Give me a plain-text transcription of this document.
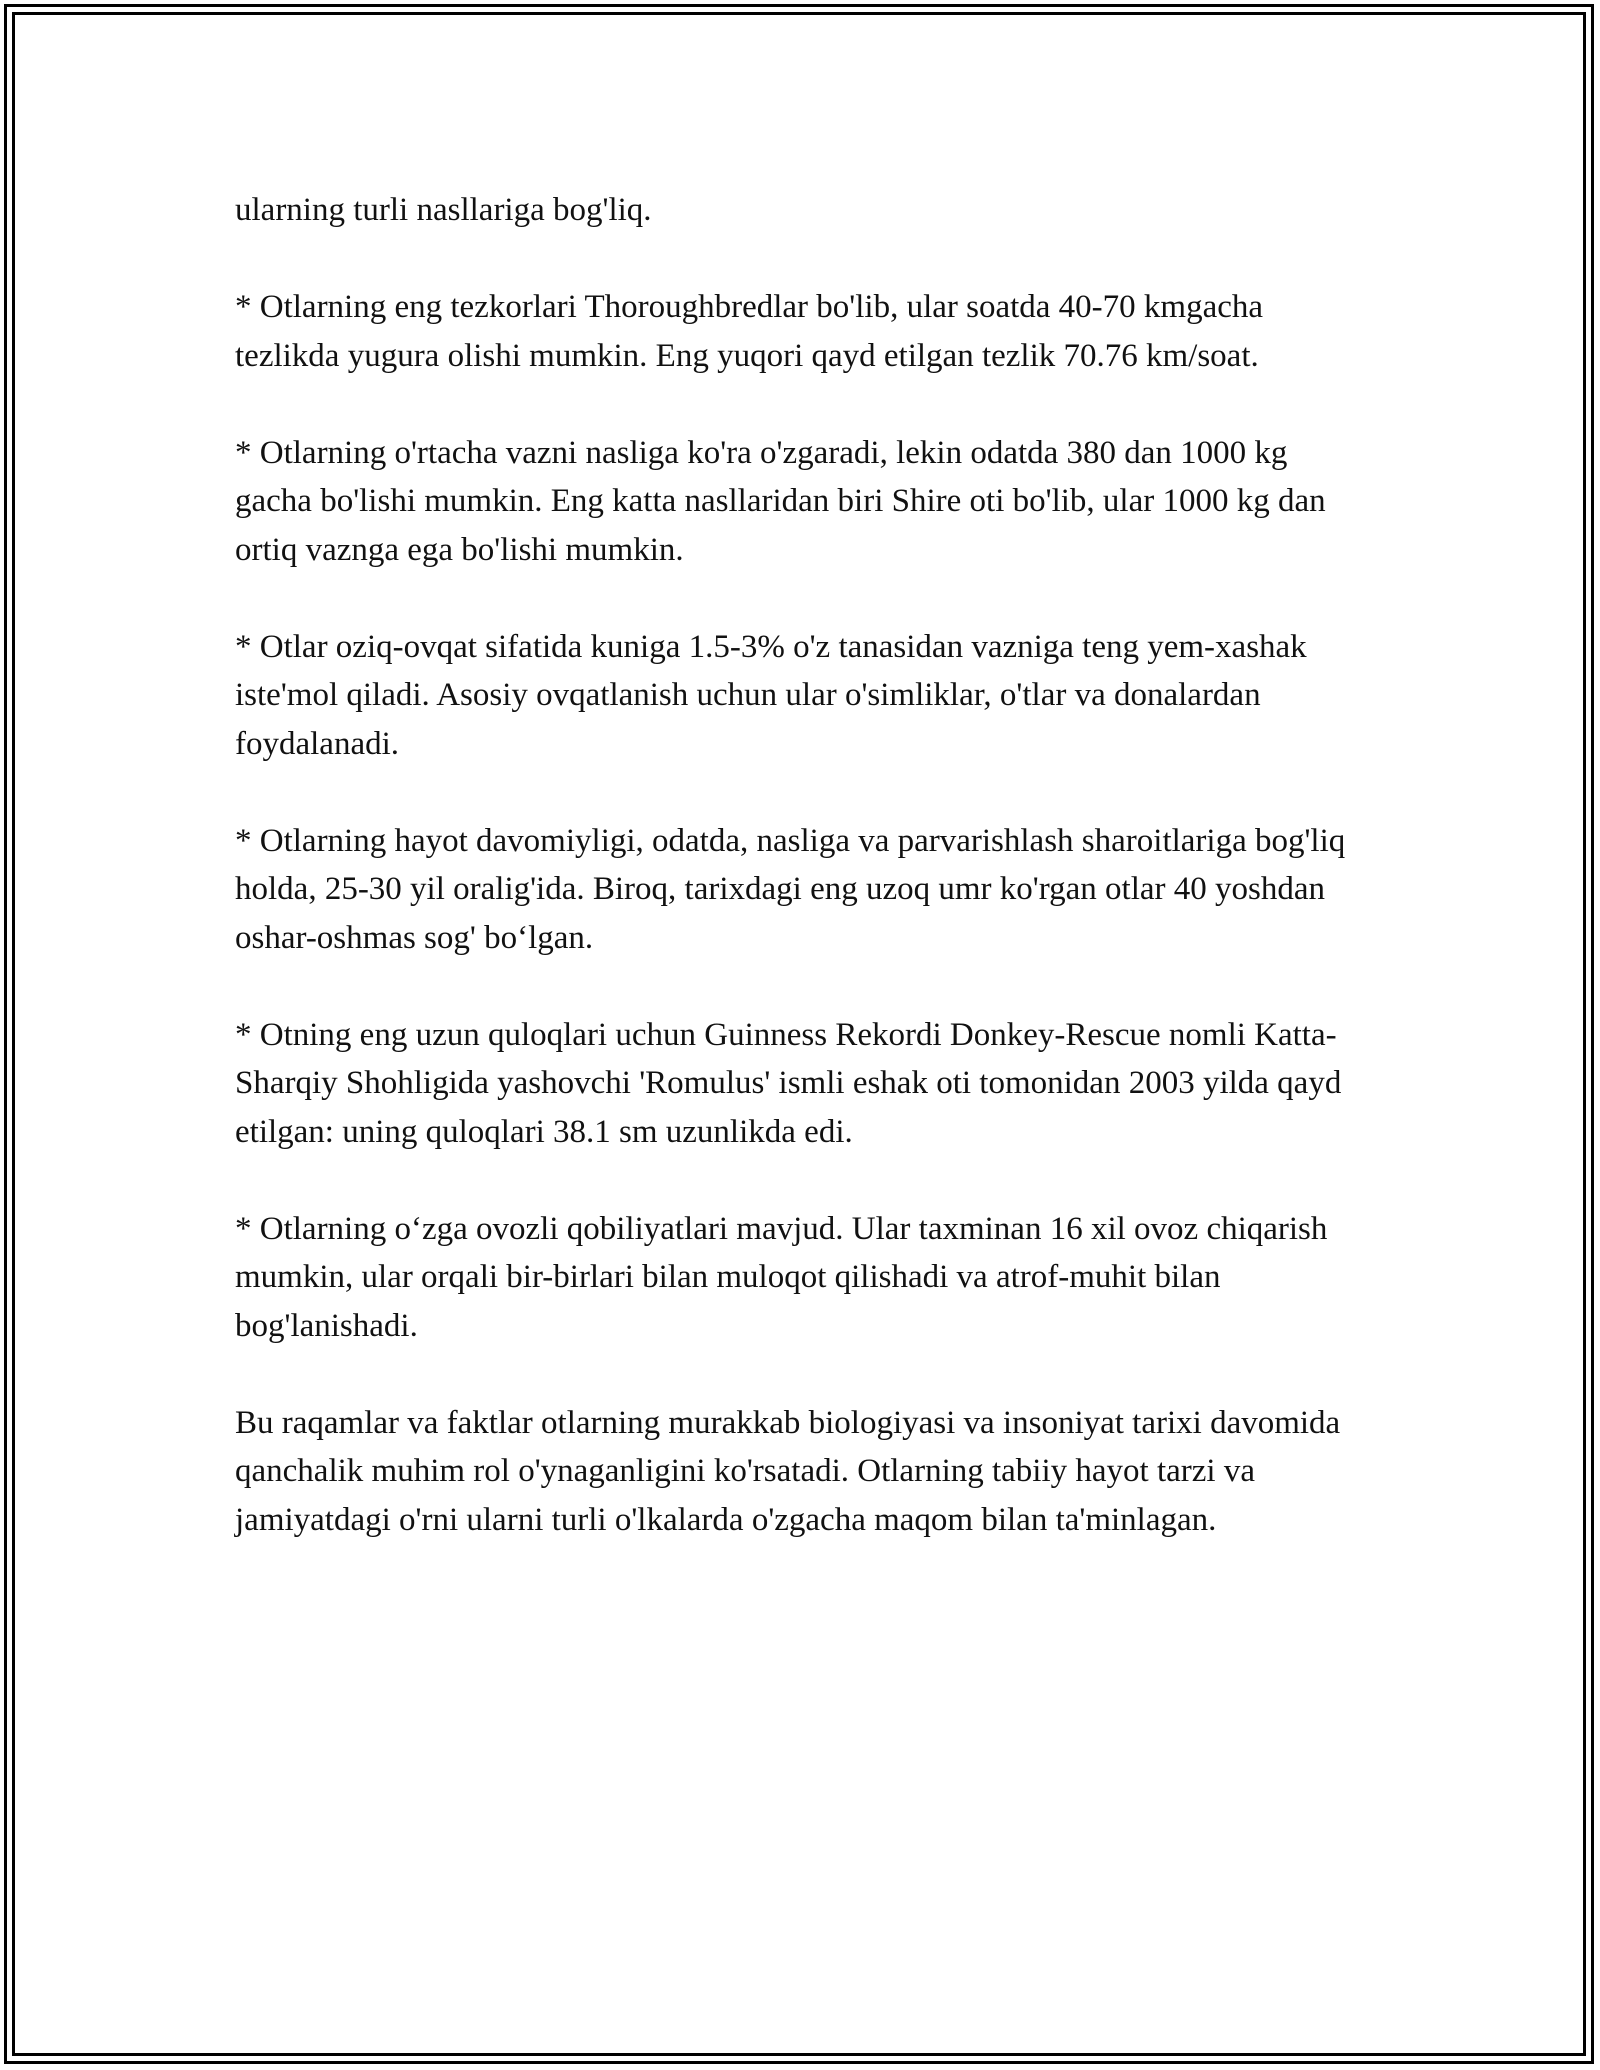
ularning turli nasllariga bog'liq.

* Otlarning eng tezkorlari Thoroughbredlar bo'lib, ular soatda 40-70 kmgacha tezlikda yugura olishi mumkin. Eng yuqori qayd etilgan tezlik 70.76 km/soat.

* Otlarning o'rtacha vazni nasliga ko'ra o'zgaradi, lekin odatda 380 dan 1000 kg gacha bo'lishi mumkin. Eng katta nasllaridan biri Shire oti bo'lib, ular 1000 kg dan ortiq vaznga ega bo'lishi mumkin.

* Otlar oziq-ovqat sifatida kuniga 1.5-3% o'z tanasidan vazniga teng yem-xashak iste'mol qiladi. Asosiy ovqatlanish uchun ular o'simliklar, o'tlar va donalardan foydalanadi.

* Otlarning hayot davomiyligi, odatda, nasliga va parvarishlash sharoitlariga bog'liq holda, 25-30 yil oralig'ida. Biroq, tarixdagi eng uzoq umr ko'rgan otlar 40 yoshdan oshar-oshmas sog' bo‘lgan.

* Otning eng uzun quloqlari uchun Guinness Rekordi Donkey-Rescue nomli Katta-Sharqiy Shohligida yashovchi 'Romulus' ismli eshak oti tomonidan 2003 yilda qayd etilgan: uning quloqlari 38.1 sm uzunlikda edi.

* Otlarning o‘zga ovozli qobiliyatlari mavjud. Ular taxminan 16 xil ovoz chiqarish mumkin, ular orqali bir-birlari bilan muloqot qilishadi va atrof-muhit bilan bog'lanishadi.

Bu raqamlar va faktlar otlarning murakkab biologiyasi va insoniyat tarixi davomida qanchalik muhim rol o'ynaganligini ko'rsatadi. Otlarning tabiiy hayot tarzi va jamiyatdagi o'rni ularni turli o'lkalarda o'zgacha maqom bilan ta'minlagan.
